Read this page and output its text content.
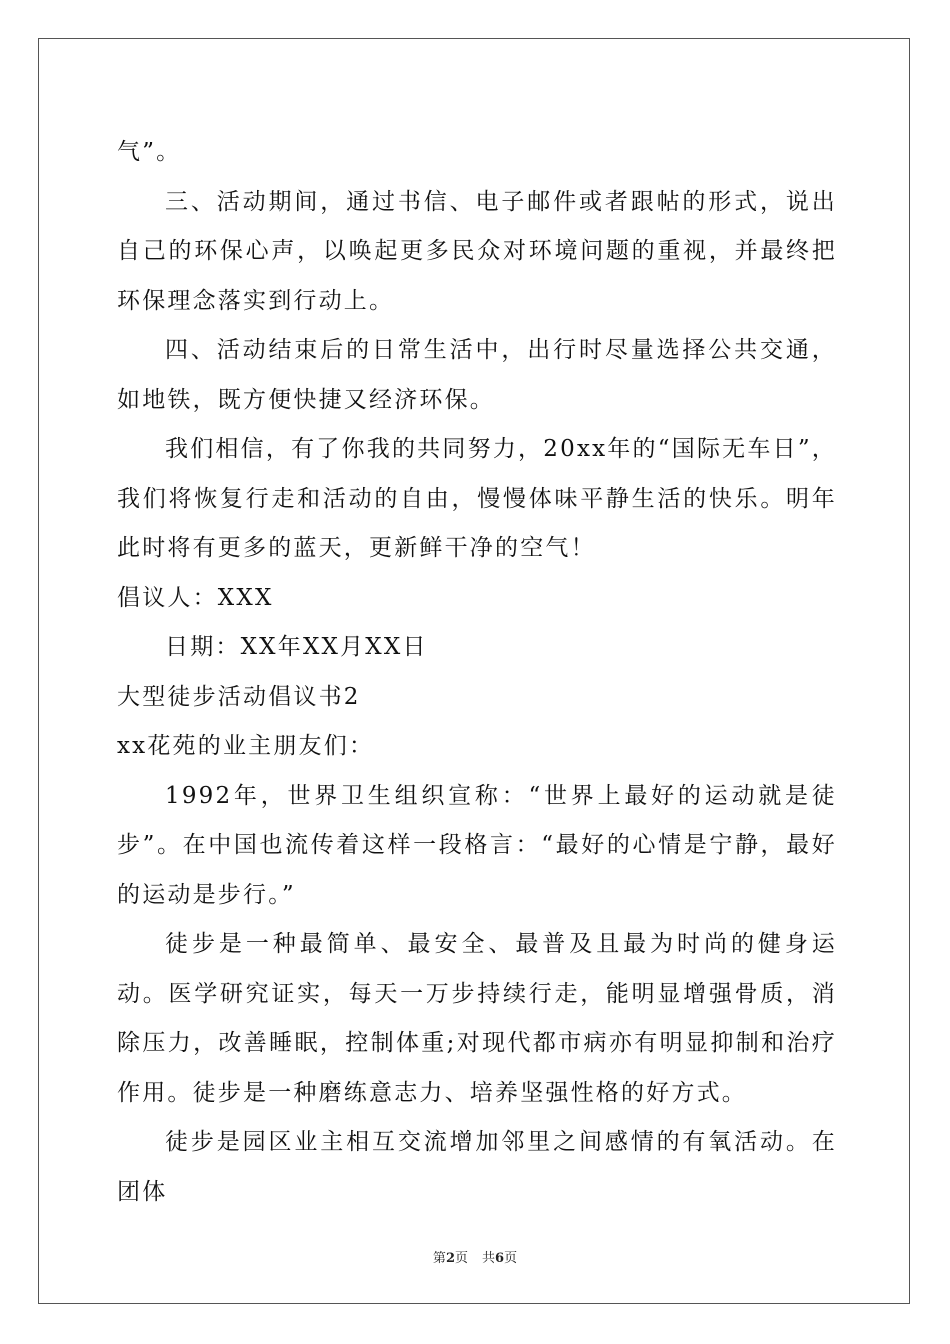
气”。

三、活动期间，通过书信、电子邮件或者跟帖的形式，说出自己的环保心声，以唤起更多民众对环境问题的重视，并最终把环保理念落实到行动上。

四、活动结束后的日常生活中，出行时尽量选择公共交通，如地铁，既方便快捷又经济环保。

我们相信，有了你我的共同努力，20xx年的“国际无车日”，我们将恢复行走和活动的自由，慢慢体味平静生活的快乐。明年此时将有更多的蓝天，更新鲜干净的空气！

倡议人：XXX

日期：XX年XX月XX日

大型徒步活动倡议书2

xx花苑的业主朋友们：

1992年，世界卫生组织宣称：“世界上最好的运动就是徒步”。在中国也流传着这样一段格言：“最好的心情是宁静，最好的运动是步行。”

徒步是一种最简单、最安全、最普及且最为时尚的健身运动。医学研究证实，每天一万步持续行走，能明显增强骨质，消除压力，改善睡眠，控制体重;对现代都市病亦有明显抑制和治疗作用。徒步是一种磨练意志力、培养坚强性格的好方式。

徒步是园区业主相互交流增加邻里之间感情的有氧活动。在团体

第2页 共6页
